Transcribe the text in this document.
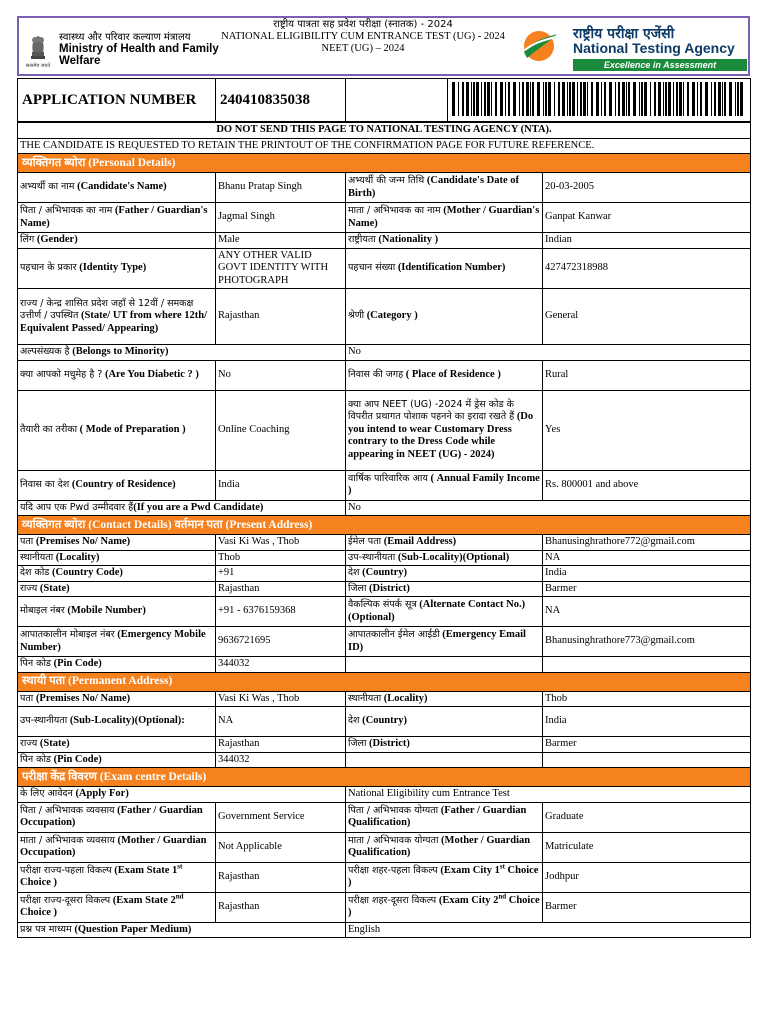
सत्यमेव जयते
स्वास्थ्य और परिवार कल्याण मंत्रालय
Ministry of Health and Family Welfare
राष्ट्रीय पात्रता सह प्रवेश परीक्षा (स्नातक) - 2024
NATIONAL ELIGIBILITY CUM ENTRANCE TEST (UG) - 2024
NEET (UG) – 2024
राष्ट्रीय परीक्षा एजेंसी
National Testing Agency
Excellence in Assessment
APPLICATION NUMBER	240410835038		
DO NOT SEND THIS PAGE TO NATIONAL TESTING AGENCY (NTA).			
THE CANDIDATE IS REQUESTED TO RETAIN THE PRINTOUT OF THE CONFIRMATION PAGE FOR FUTURE REFERENCE.			
व्यक्तिगत ब्योरा (Personal Details)			
अभ्यर्थी का नाम (Candidate's Name)	Bhanu Pratap Singh	अभ्यर्थी की जन्म तिथि (Candidate's Date of Birth)	20-03-2005
पिता / अभिभावक का नाम (Father / Guardian's Name)	Jagmal Singh	माता / अभिभावक का नाम (Mother / Guardian's Name)	Ganpat Kanwar
लिंग (Gender)	Male	राष्ट्रीयता (Nationality )	Indian
पहचान के प्रकार (Identity Type)	ANY OTHER VALID GOVT IDENTITY WITH PHOTOGRAPH	पहचान संख्या (Identification Number)	427472318988
राज्य / केन्द्र शासित प्रदेश जहाँ से 12वीं / समकक्ष उत्तीर्ण / उपस्थित (State/ UT from where 12th/ Equivalent Passed/ Appearing)	Rajasthan	श्रेणी (Category )	General
अल्पसंख्यक है (Belongs to Minority)		No	
क्या आपको मधुमेह है ? (Are You Diabetic ? )	No	निवास की जगह ( Place of Residence )	Rural
तैयारी का तरीका ( Mode of Preparation )	Online Coaching	क्या आप NEET (UG) -2024 में ड्रेस कोड के विपरीत प्रथागत पोशाक पहनने का इरादा रखते हैं (Do you intend to wear Customary Dress contrary to the Dress Code while appearing in NEET (UG) - 2024)	Yes
निवास का देश (Country of Residence)	India	वार्षिक पारिवारिक आय ( Annual Family Income )	Rs. 800001 and above
यदि आप एक Pwd उम्मीदवार हैं(If you are a Pwd Candidate)		No	
व्यक्तिगत ब्योरा (Contact Details) वर्तमान पता (Present Address)			
पता (Premises No/ Name)	Vasi Ki Was , Thob	ईमेल पता (Email Address)	Bhanusinghrathore772@gmail.com
स्थानीयता (Locality)	Thob	उप-स्थानीयता (Sub-Locality)(Optional)	NA
देश कोड (Country Code)	+91	देश (Country)	India
राज्य (State)	Rajasthan	जिला (District)	Barmer
मोबाइल नंबर (Mobile Number)	+91 - 6376159368	वैकल्पिक संपर्क सूत्र (Alternate Contact No.) (Optional)	NA
आपातकालीन मोबाइल नंबर (Emergency Mobile Number)	9636721695	आपातकालीन ईमेल आईडी (Emergency Email ID)	Bhanusinghrathore773@gmail.com
पिन कोड (Pin Code)	344032		
स्थायी पता (Permanent Address)			
पता (Premises No/ Name)	Vasi Ki Was , Thob	स्थानीयता (Locality)	Thob
उप-स्थानीयता (Sub-Locality)(Optional):	NA	देश (Country)	India
राज्य (State)	Rajasthan	जिला (District)	Barmer
पिन कोड (Pin Code)	344032		
परीक्षा केंद्र विवरण (Exam centre Details)			
के लिए आवेदन (Apply For)		National Eligibility cum Entrance Test	
पिता / अभिभावक व्यवसाय (Father / Guardian Occupation)	Government Service	पिता / अभिभावक योग्यता (Father / Guardian Qualification)	Graduate
माता / अभिभावक व्यवसाय (Mother / Guardian Occupation)	Not Applicable	माता / अभिभावक योग्यता (Mother / Guardian Qualification)	Matriculate
परीक्षा राज्य-पहला विकल्प (Exam State 1st Choice )	Rajasthan	परीक्षा शहर-पहला विकल्प (Exam City 1st Choice )	Jodhpur
परीक्षा राज्य-दूसरा विकल्प (Exam State 2nd Choice )	Rajasthan	परीक्षा शहर-दूसरा विकल्प (Exam City 2nd Choice )	Barmer
प्रश्न पत्र माध्यम (Question Paper Medium)		English	
